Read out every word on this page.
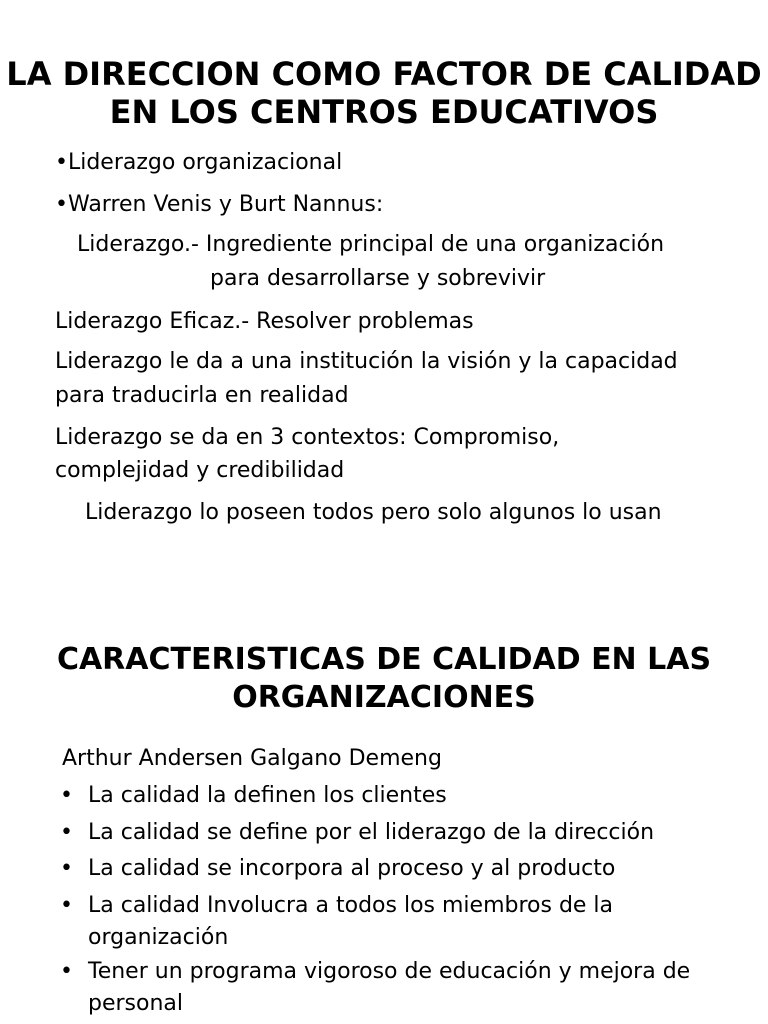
LA DIRECCION COMO FACTOR DE CALIDAD
EN LOS CENTROS EDUCATIVOS

•Liderazgo organizacional

•Warren Venis y Burt Nannus:

Liderazgo.- Ingrediente principal de una organización

para desarrollarse y sobrevivir

Liderazgo Eficaz.- Resolver problemas

Liderazgo le da a una institución la visión y la capacidad

para traducirla en realidad

Liderazgo se da en 3 contextos: Compromiso,

complejidad y credibilidad

Liderazgo lo poseen todos pero solo algunos lo usan

CARACTERISTICAS DE CALIDAD EN LAS
ORGANIZACIONES

Arthur Andersen Galgano Demeng

• La calidad la definen los clientes
• La calidad se define por el liderazgo de la dirección
• La calidad se incorpora al proceso y al producto
• La calidad Involucra a todos los miembros de la
organización
• Tener un programa vigoroso de educación y mejora de
personal
